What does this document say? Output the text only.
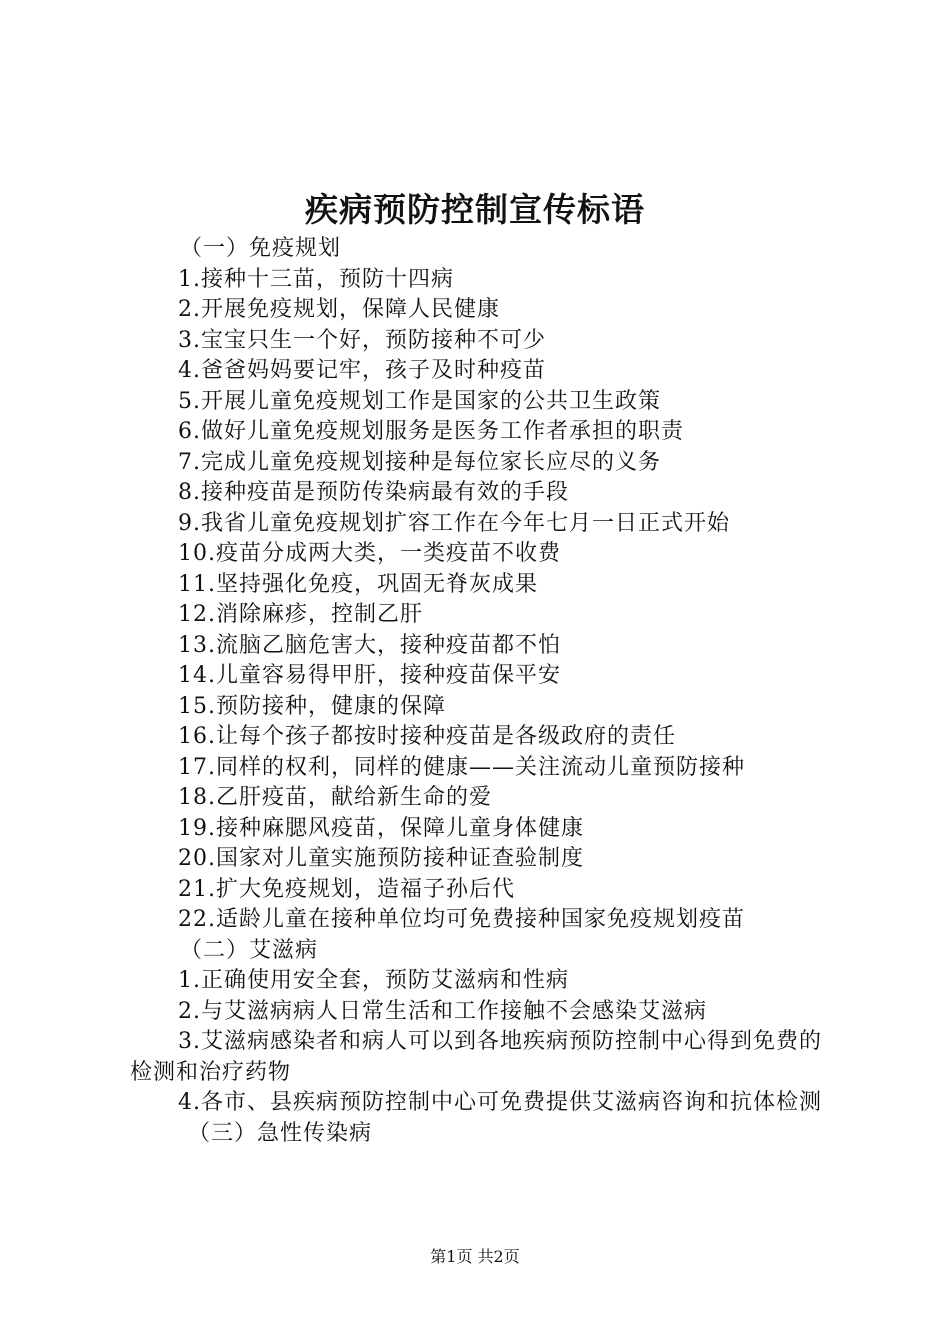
疾病预防控制宣传标语
（一）免疫规划
1.接种十三苗，预防十四病
2.开展免疫规划，保障人民健康
3.宝宝只生一个好，预防接种不可少
4.爸爸妈妈要记牢，孩子及时种疫苗
5.开展儿童免疫规划工作是国家的公共卫生政策
6.做好儿童免疫规划服务是医务工作者承担的职责
7.完成儿童免疫规划接种是每位家长应尽的义务
8.接种疫苗是预防传染病最有效的手段
9.我省儿童免疫规划扩容工作在今年七月一日正式开始
10.疫苗分成两大类，一类疫苗不收费
11.坚持强化免疫，巩固无脊灰成果
12.消除麻疹，控制乙肝
13.流脑乙脑危害大，接种疫苗都不怕
14.儿童容易得甲肝，接种疫苗保平安
15.预防接种，健康的保障
16.让每个孩子都按时接种疫苗是各级政府的责任
17.同样的权利，同样的健康——关注流动儿童预防接种
18.乙肝疫苗，献给新生命的爱
19.接种麻腮风疫苗，保障儿童身体健康
20.国家对儿童实施预防接种证查验制度
21.扩大免疫规划，造福子孙后代
22.适龄儿童在接种单位均可免费接种国家免疫规划疫苗
（二）艾滋病
1.正确使用安全套，预防艾滋病和性病
2.与艾滋病病人日常生活和工作接触不会感染艾滋病
3.艾滋病感染者和病人可以到各地疾病预防控制中心得到免费的检测和治疗药物
4.各市、县疾病预防控制中心可免费提供艾滋病咨询和抗体检测
（三）急性传染病
第1页 共2页
